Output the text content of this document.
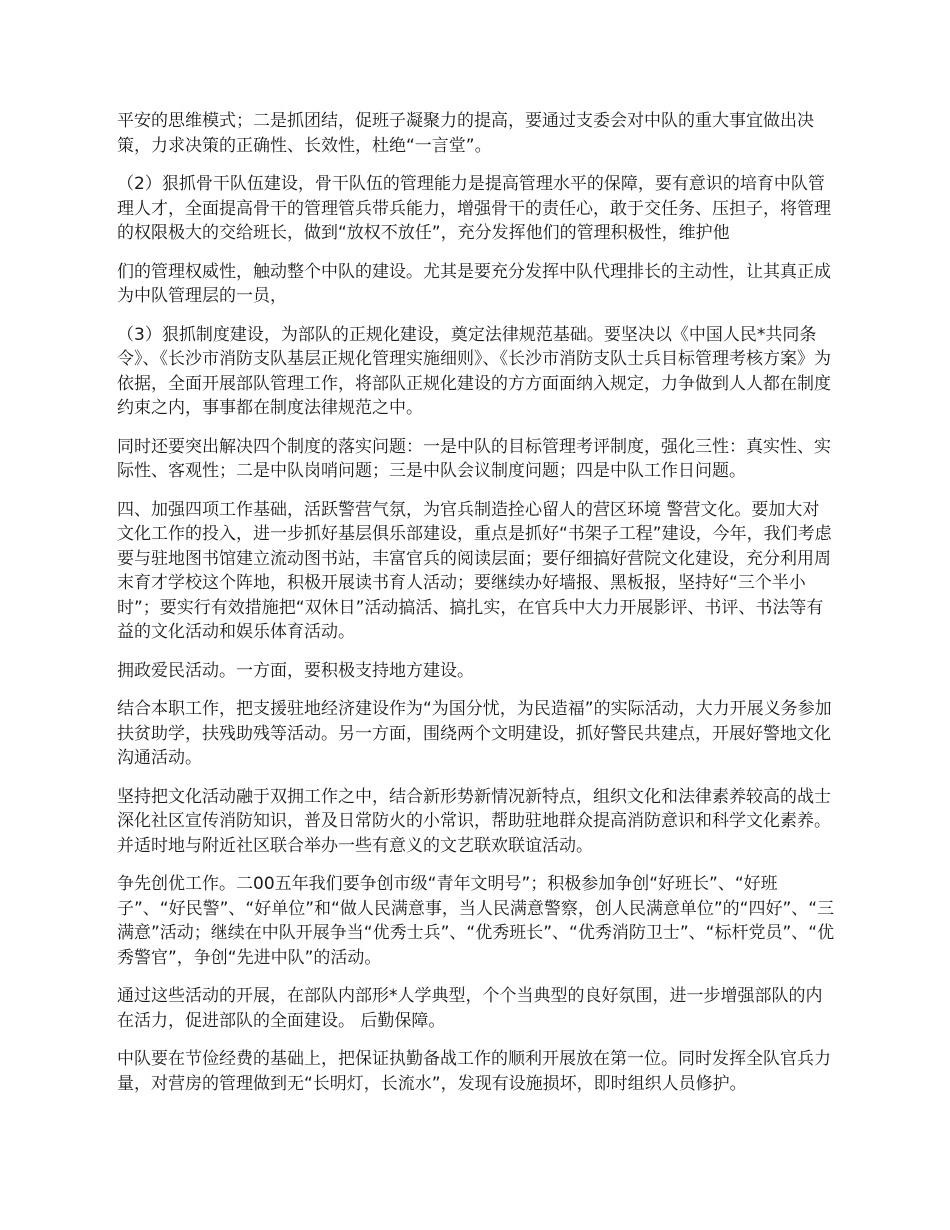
平安的思维模式；二是抓团结，促班子凝聚力的提高，要通过支委会对中队的重大事宜做出决策，力求决策的正确性、长效性，杜绝“一言堂”。

（2）狠抓骨干队伍建设，骨干队伍的管理能力是提高管理水平的保障，要有意识的培育中队管理人才，全面提高骨干的管理管兵带兵能力，增强骨干的责任心，敢于交任务、压担子，将管理的权限极大的交给班长，做到“放权不放任”，充分发挥他们的管理积极性，维护他

们的管理权威性，触动整个中队的建设。尤其是要充分发挥中队代理排长的主动性，让其真正成为中队管理层的一员，

（3）狠抓制度建设，为部队的正规化建设，奠定法律规范基础。要坚决以《中国人民*共同条令》、《长沙市消防支队基层正规化管理实施细则》、《长沙市消防支队士兵目标管理考核方案》为依据，全面开展部队管理工作，将部队正规化建设的方方面面纳入规定，力争做到人人都在制度约束之内，事事都在制度法律规范之中。

同时还要突出解决四个制度的落实问题：一是中队的目标管理考评制度，强化三性：真实性、实际性、客观性；二是中队岗哨问题；三是中队会议制度问题；四是中队工作日问题。

四、加强四项工作基础，活跃警营气氛，为官兵制造拴心留人的营区环境 警营文化。要加大对文化工作的投入，进一步抓好基层俱乐部建设，重点是抓好“书架子工程”建设，今年，我们考虑要与驻地图书馆建立流动图书站，丰富官兵的阅读层面；要仔细搞好营院文化建设，充分利用周末育才学校这个阵地，积极开展读书育人活动；要继续办好墙报、黑板报，坚持好“三个半小时”；要实行有效措施把“双休日”活动搞活、搞扎实，在官兵中大力开展影评、书评、书法等有益的文化活动和娱乐体育活动。

拥政爱民活动。一方面，要积极支持地方建设。

结合本职工作，把支援驻地经济建设作为“为国分忧，为民造福”的实际活动，大力开展义务参加扶贫助学，扶残助残等活动。另一方面，围绕两个文明建设，抓好警民共建点，开展好警地文化沟通活动。

坚持把文化活动融于双拥工作之中，结合新形势新情况新特点，组织文化和法律素养较高的战士深化社区宣传消防知识，普及日常防火的小常识，帮助驻地群众提高消防意识和科学文化素养。并适时地与附近社区联合举办一些有意义的文艺联欢联谊活动。

争先创优工作。二00五年我们要争创市级“青年文明号”；积极参加争创“好班长”、“好班子”、“好民警”、“好单位”和“做人民满意事，当人民满意警察，创人民满意单位”的“四好”、“三满意”活动；继续在中队开展争当“优秀士兵”、“优秀班长”、“优秀消防卫士”、“标杆党员”、“优秀警官”，争创“先进中队”的活动。

通过这些活动的开展，在部队内部形*人学典型，个个当典型的良好氛围，进一步增强部队的内在活力，促进部队的全面建设。 后勤保障。

中队要在节俭经费的基础上，把保证执勤备战工作的顺利开展放在第一位。同时发挥全队官兵力量，对营房的管理做到无“长明灯，长流水”，发现有设施损坏，即时组织人员修护。
